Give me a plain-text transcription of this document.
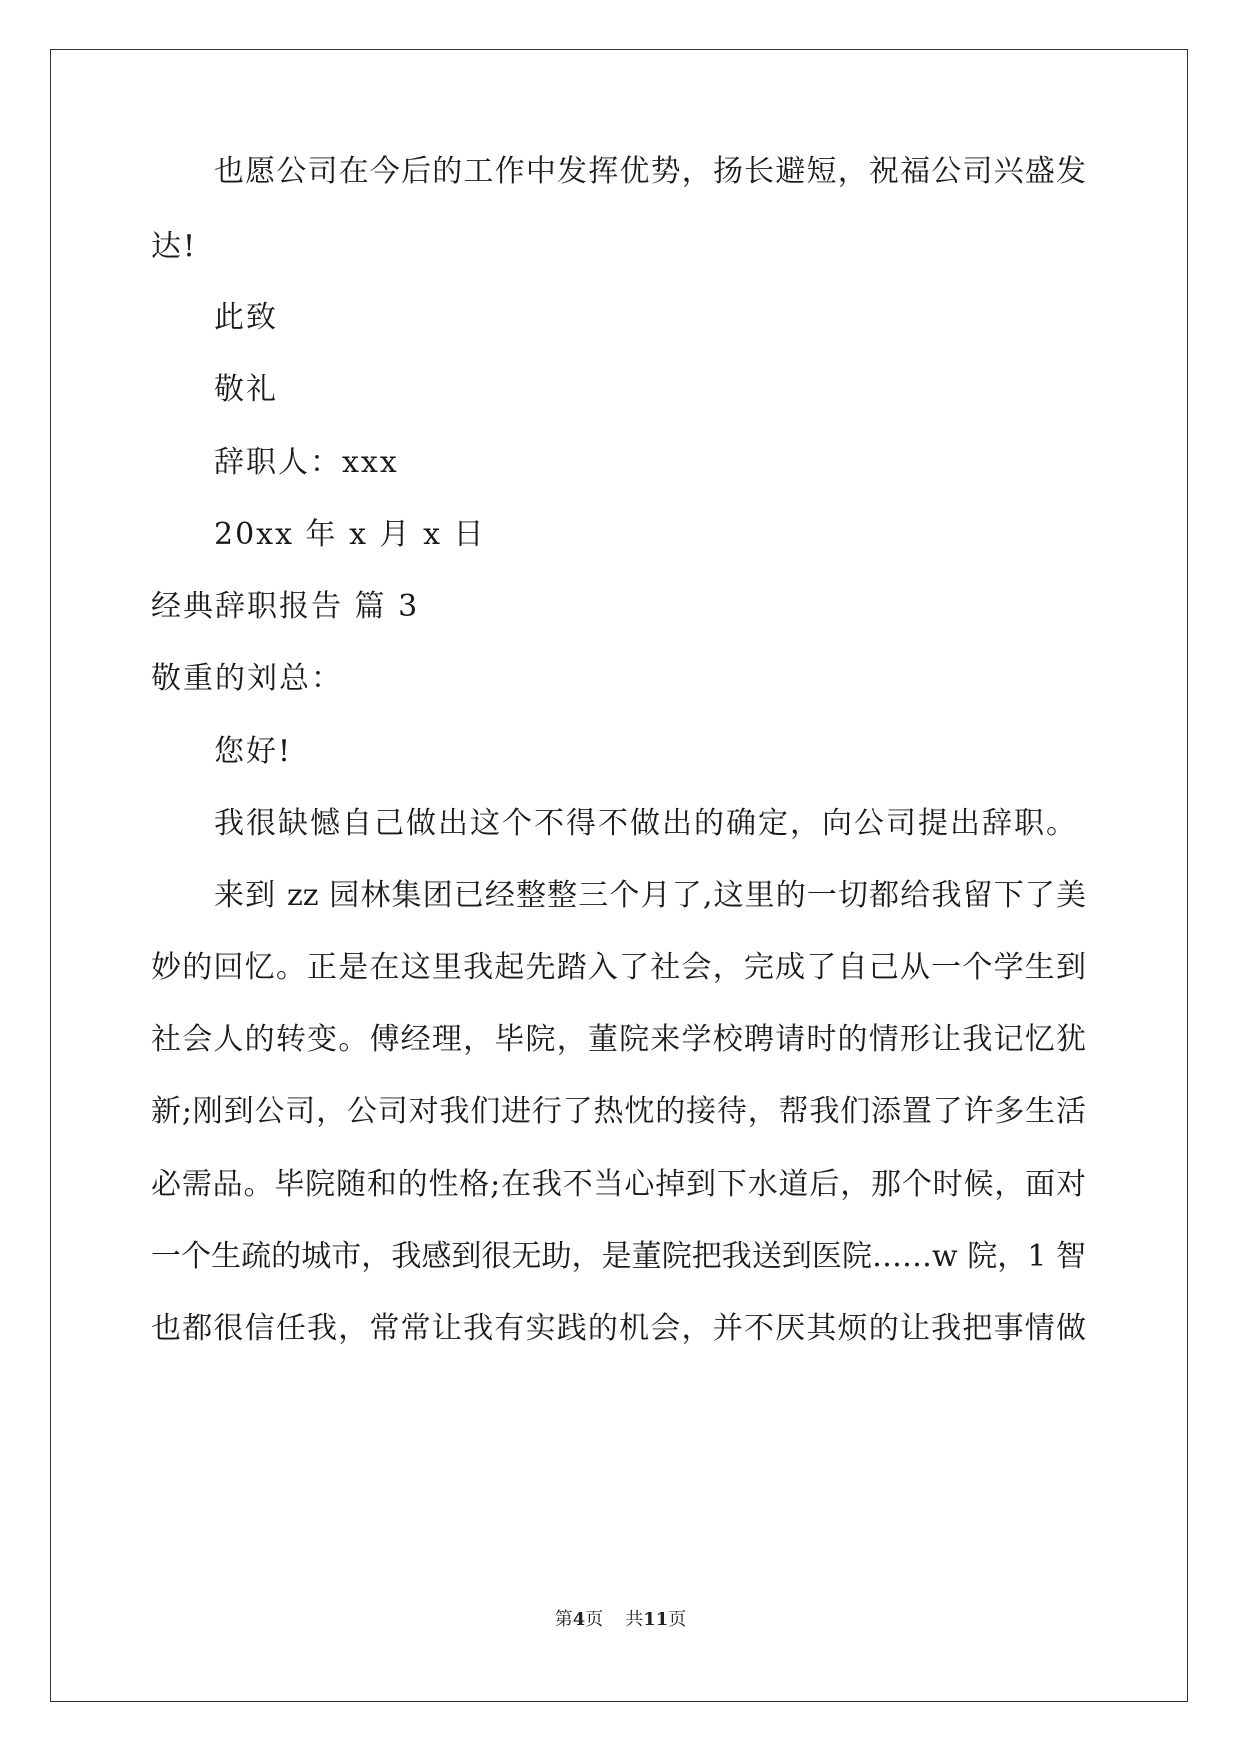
也愿公司在今后的工作中发挥优势，扬长避短，祝福公司兴盛发
达!
此致
敬礼
辞职人：xxx
20xx 年 x 月 x 日
经典辞职报告 篇 3
敬重的刘总：
您好!
我很缺憾自己做出这个不得不做出的确定，向公司提出辞职。
来到 zz 园林集团已经整整三个月了,这里的一切都给我留下了美
妙的回忆。正是在这里我起先踏入了社会，完成了自己从一个学生到
社会人的转变。傅经理，毕院，董院来学校聘请时的情形让我记忆犹
新;刚到公司，公司对我们进行了热忱的接待，帮我们添置了许多生活
必需品。毕院随和的性格;在我不当心掉到下水道后，那个时候，面对
一个生疏的城市，我感到很无助，是董院把我送到医院……w 院，1 智
也都很信任我，常常让我有实践的机会，并不厌其烦的让我把事情做
第4页 共11页
